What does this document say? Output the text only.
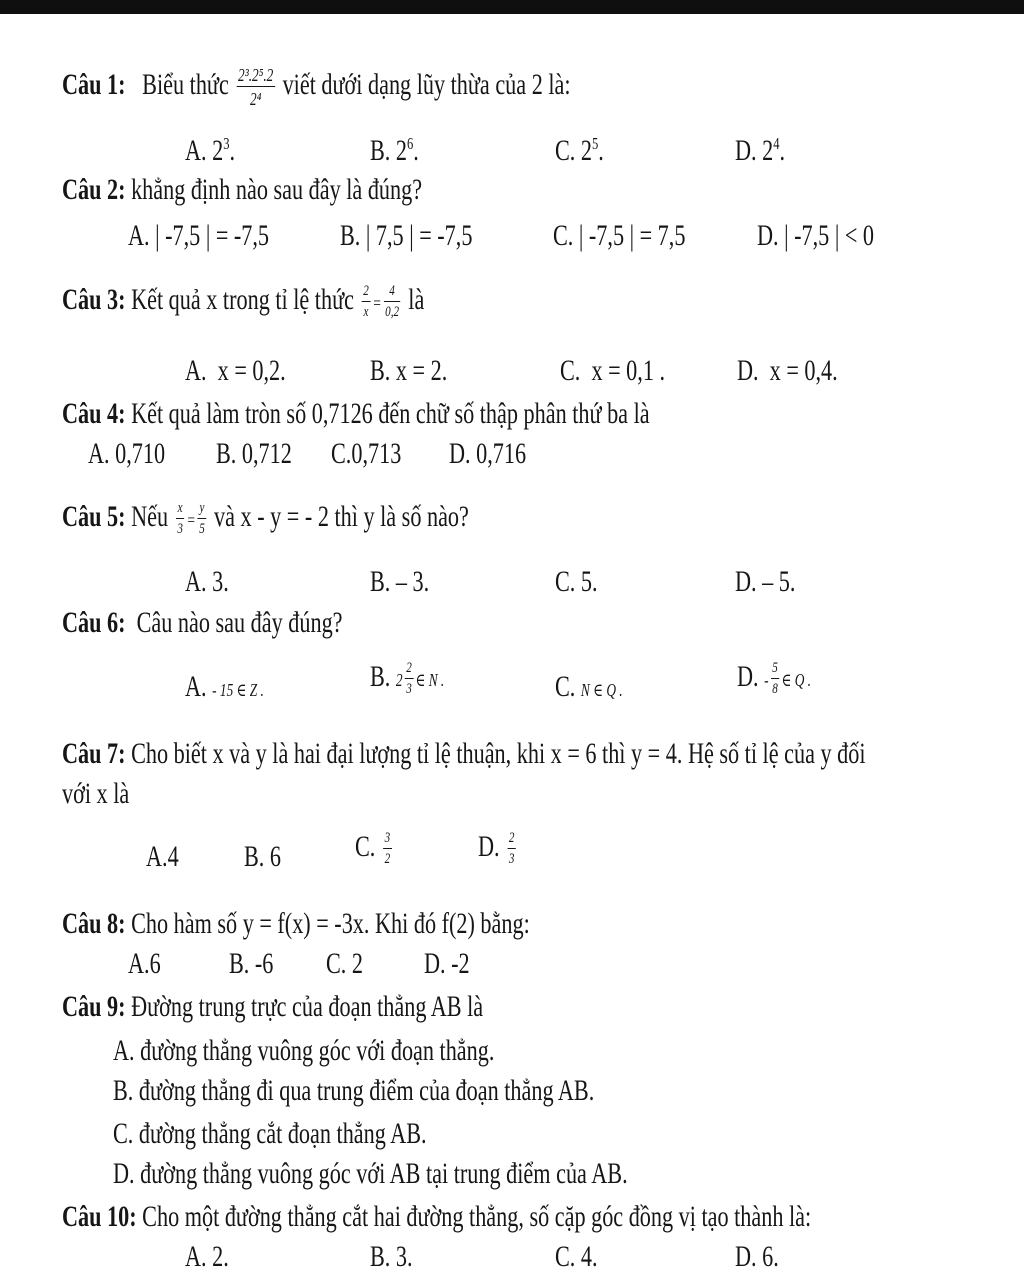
Câu 1: Biểu thức $\frac{\text{2³.2⁵.2}}{\text{2⁴}}$ viết dưới dạng lũy thừa của 2 là:
A. $2^3$.	B. $2^6$.	C. $2^5$.	D. $2^4$.
Câu 2: khẳng định nào sau đây là đúng?
A. | -7,5 | = -7,5 B. | 7,5 | = -7,5	C. | -7,5 | = 7,5 D. | -7,5 | < 0
Câu 3: Kết quả x trong tỉ lệ thức $\frac{2}{x} = \frac{4}{0,2}$ là
A. x = 0,2.	B. x = 2.	C. x = 0,1 . D. x = 0,4.
Câu 4: Kết quả làm tròn số 0,7126 đến chữ số thập phân thứ ba là
A. 0,710 B. 0,712 C.0,713 D. 0,716
Câu 5: Nếu $\frac{x}{3} = \frac{y}{5}$ và x - y = - 2 thì y là số nào?
A. 3.	B. – 3.	C. 5.	D. – 5.
Câu 6: Câu nào sau đây đúng?
A. - 15 ∈ Z .	B. $2 \frac{2}{3}$ ∈ N .	C. N ∈ Q .	D. - $\frac{5}{8}$ ∈ Q .
Câu 7: Cho biết x và y là hai đại lượng tỉ lệ thuận, khi x = 6 thì y = 4. Hệ số tỉ lệ của y đối
với x là
A.4 B. 6 C. $\frac{3}{2}$	D. $\frac{2}{3}$
Câu 8: Cho hàm số y = f(x) = -3x. Khi đó f(2) bằng:
A.6 B. -6 C. 2 D. -2
Câu 9: Đường trung trực của đoạn thẳng AB là
A. đường thẳng vuông góc với đoạn thẳng.
B. đường thẳng đi qua trung điểm của đoạn thẳng AB.
C. đường thẳng cắt đoạn thẳng AB.
D. đường thẳng vuông góc với AB tại trung điểm của AB.
Câu 10: Cho một đường thẳng cắt hai đường thẳng, số cặp góc đồng vị tạo thành là:
A. 2.	B. 3.	C. 4.	D. 6.
